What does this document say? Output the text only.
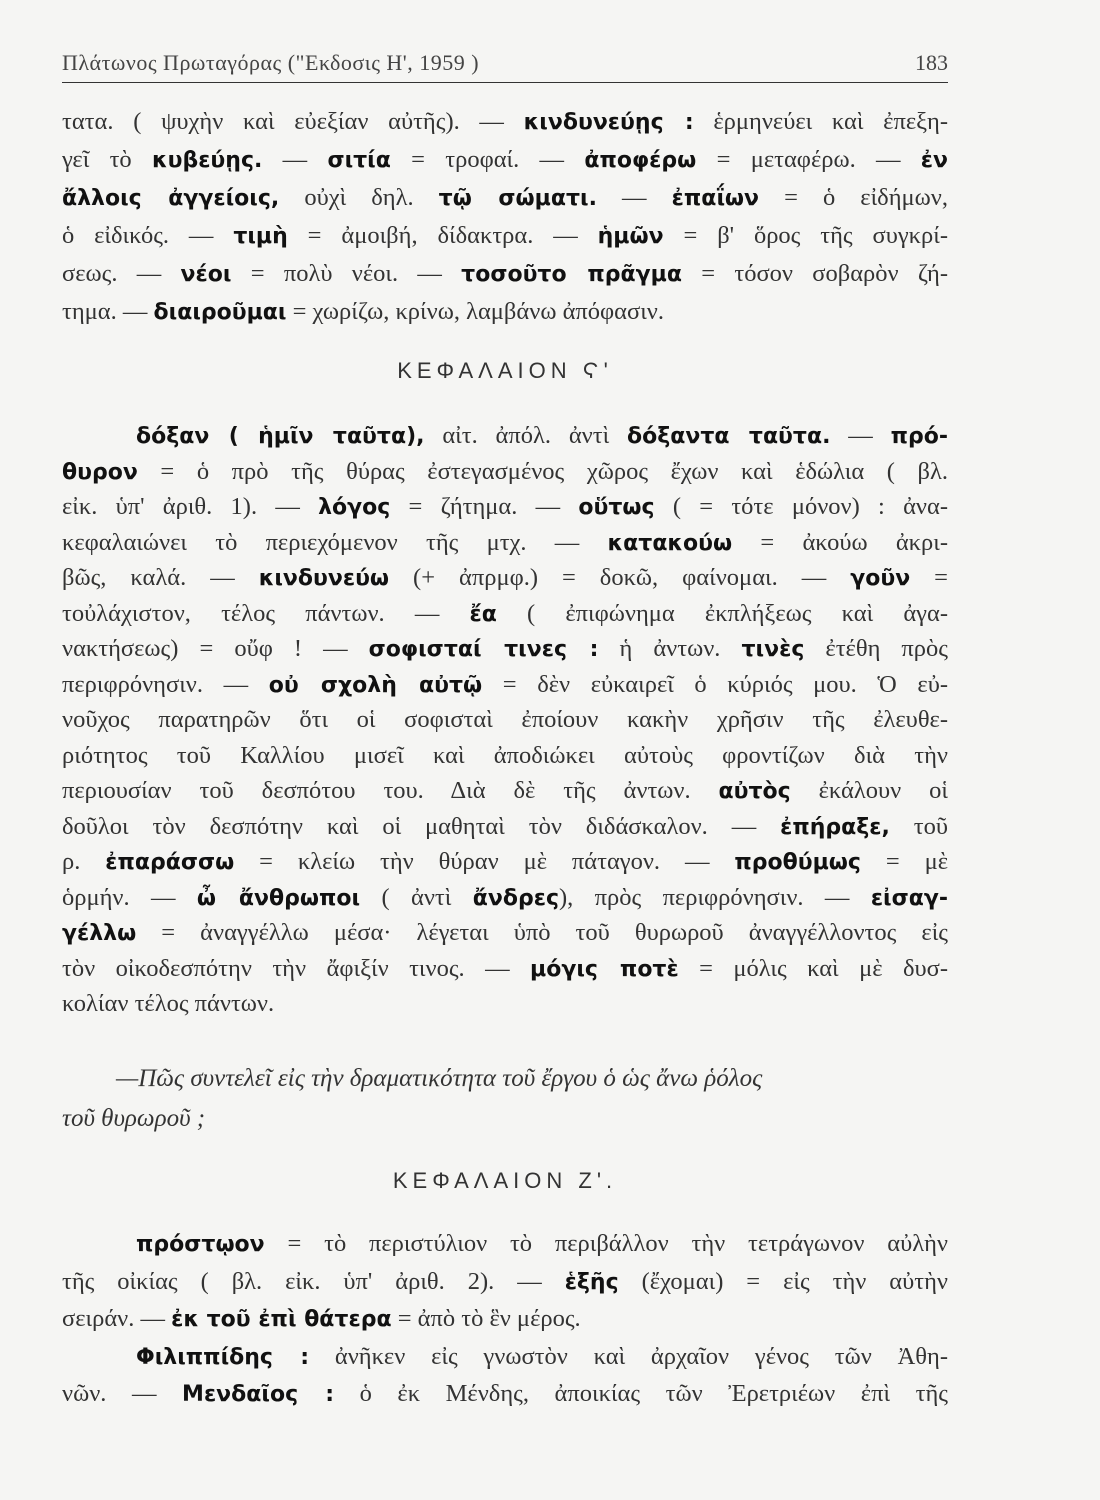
Πλάτωνος Πρωταγόρας ("Εκδοσις Η', 1959 )	183
τατα. ( ψυχὴν καὶ εὐεξίαν αὐτῆς). — κινδυνεύῃς : ἑρμηνεύει καὶ ἐπεξη-
γεῖ τὸ κυβεύῃς. — σιτία = τροφαί. — ἀποφέρω = μεταφέρω. — ἐν
ἄλλοις ἀγγείοις, οὐχὶ δηλ. τῷ σώματι. — ἐπαΐων = ὁ εἰδήμων,
ὁ εἰδικός. — τιμὴ = ἀμοιβή, δίδακτρα. — ἡμῶν = β' ὅρος τῆς συγκρί-
σεως. — νέοι = πολὺ νέοι. — τοσοῦτο πρᾶγμα = τόσον σοβαρὸν ζή-
τημα. — διαιροῦμαι = χωρίζω, κρίνω, λαμβάνω ἀπόφασιν.
ΚΕΦΑΛΑΙΟΝ Ϛ'
δόξαν ( ἡμῖν ταῦτα), αἰτ. ἀπόλ. ἀντὶ δόξαντα ταῦτα. — πρό-
θυρον = ὁ πρὸ τῆς θύρας ἐστεγασμένος χῶρος ἔχων καὶ ἑδώλια ( βλ.
εἰκ. ὑπ' ἀριθ. 1). — λόγος = ζήτημα. — οὕτως ( = τότε μόνον) : ἀνα-
κεφαλαιώνει τὸ περιεχόμενον τῆς μτχ. — κατακούω = ἀκούω ἀκρι-
βῶς, καλά. — κινδυνεύω (+ ἀπρμφ.) = δοκῶ, φαίνομαι. — γοῦν =
τοὐλάχιστον, τέλος πάντων. — ἔα ( ἐπιφώνημα ἐκπλήξεως καὶ ἀγα-
νακτήσεως) = οὔφ ! — σοφισταί τινες : ἡ ἀντων. τινὲς ἐτέθη πρὸς
περιφρόνησιν. — οὐ σχολὴ αὐτῷ = δὲν εὐκαιρεῖ ὁ κύριός μου. Ὁ εὐ-
νοῦχος παρατηρῶν ὅτι οἱ σοφισταὶ ἐποίουν κακὴν χρῆσιν τῆς ἐλευθε-
ριότητος τοῦ Καλλίου μισεῖ καὶ ἀποδιώκει αὐτοὺς φροντίζων διὰ τὴν
περιουσίαν τοῦ δεσπότου του. Διὰ δὲ τῆς ἀντων. αὐτὸς ἐκάλουν οἱ
δοῦλοι τὸν δεσπότην καὶ οἱ μαθηταὶ τὸν διδάσκαλον. — ἐπήραξε, τοῦ
ρ. ἐπαράσσω = κλείω τὴν θύραν μὲ πάταγον. — προθύμως = μὲ
ὁρμήν. — ὦ ἄνθρωποι ( ἀντὶ ἄνδρες), πρὸς περιφρόνησιν. — εἰσαγ-
γέλλω = ἀναγγέλλω μέσα· λέγεται ὑπὸ τοῦ θυρωροῦ ἀναγγέλλοντος εἰς
τὸν οἰκοδεσπότην τὴν ἄφιξίν τινος. — μόγις ποτὲ = μόλις καὶ μὲ δυσ-
κολίαν τέλος πάντων.
—Πῶς συντελεῖ εἰς τὴν δραματικότητα τοῦ ἔργου ὁ ὡς ἄνω ῥόλος
τοῦ θυρωροῦ ;
ΚΕΦΑΛΑΙΟΝ Ζ'.
πρόστῳον = τὸ περιστύλιον τὸ περιβάλλον τὴν τετράγωνον αὐλὴν
τῆς οἰκίας ( βλ. εἰκ. ὑπ' ἀριθ. 2). — ἑξῆς (ἔχομαι) = εἰς τὴν αὐτὴν
σειράν. — ἐκ τοῦ ἐπὶ θάτερα = ἀπὸ τὸ ἓν μέρος.
Φιλιππίδης : ἀνῆκεν εἰς γνωστὸν καὶ ἀρχαῖον γένος τῶν Ἀθη-
νῶν. — Μενδαῖος : ὁ ἐκ Μένδης, ἀποικίας τῶν Ἐρετριέων ἐπὶ τῆς
